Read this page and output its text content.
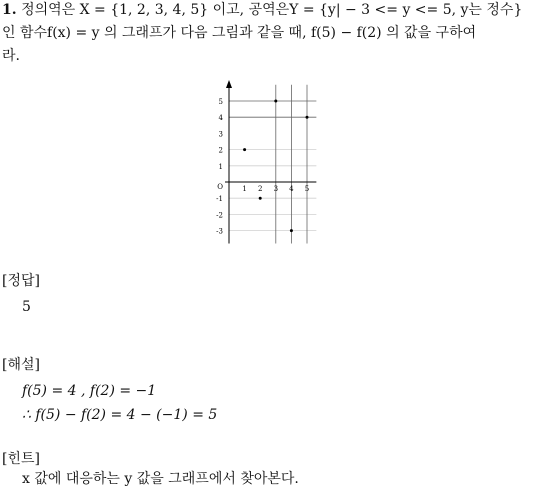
1. 정의역은 X = {1, 2, 3, 4, 5} 이고, 공역은Y = {y| − 3 <= y <= 5, y는 정수}
인 함수f(x) = y 의 그래프가 다음 그림과 같을 때, f(5) − f(2) 의 값을 구하여
라.
1 2 3 4 5
5
4
3
2
1
-1
-2
-3
O
[정답]
5
[해설]
f(5) = 4 , f(2) = −1
∴ f(5) − f(2) = 4 − (−1) = 5
[힌트]
x 값에 대응하는 y 값을 그래프에서 찾아본다.
